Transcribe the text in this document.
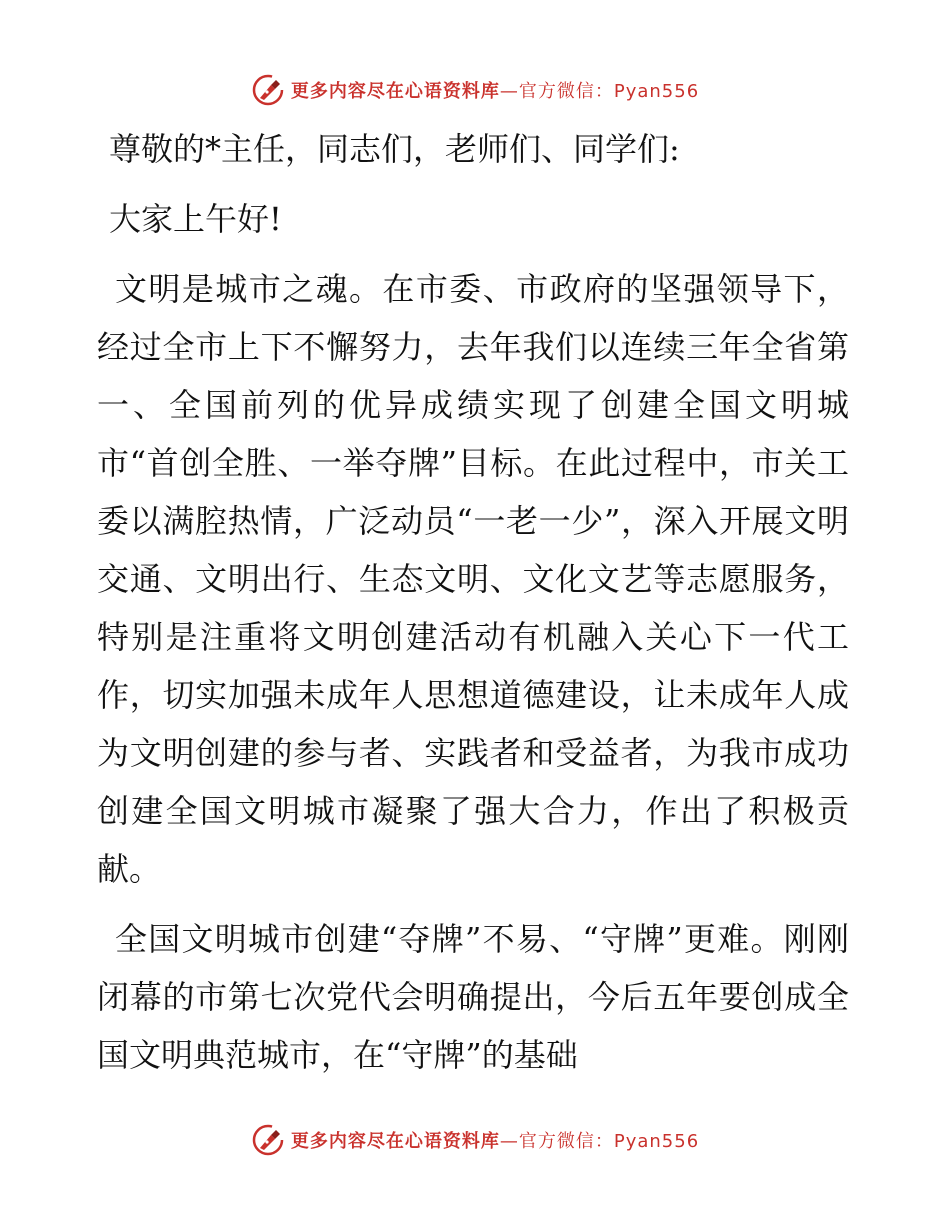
更多内容尽在心语资料库 —官方微信：Pyan556

尊敬的*主任，同志们，老师们、同学们:

大家上午好!

文明是城市之魂。在市委、市政府的坚强领导下，经过全市上下不懈努力，去年我们以连续三年全省第一、全国前列的优异成绩实现了创建全国文明城市“首创全胜、一举夺牌”目标。在此过程中，市关工委以满腔热情，广泛动员“一老一少”，深入开展文明交通、文明出行、生态文明、文化文艺等志愿服务，特别是注重将文明创建活动有机融入关心下一代工作，切实加强未成年人思想道德建设，让未成年人成为文明创建的参与者、实践者和受益者，为我市成功创建全国文明城市凝聚了强大合力，作出了积极贡献。

全国文明城市创建“夺牌”不易、“守牌”更难。刚刚闭幕的市第七次党代会明确提出，今后五年要创成全国文明典范城市，在“守牌”的基础

更多内容尽在心语资料库 —官方微信：Pyan556
